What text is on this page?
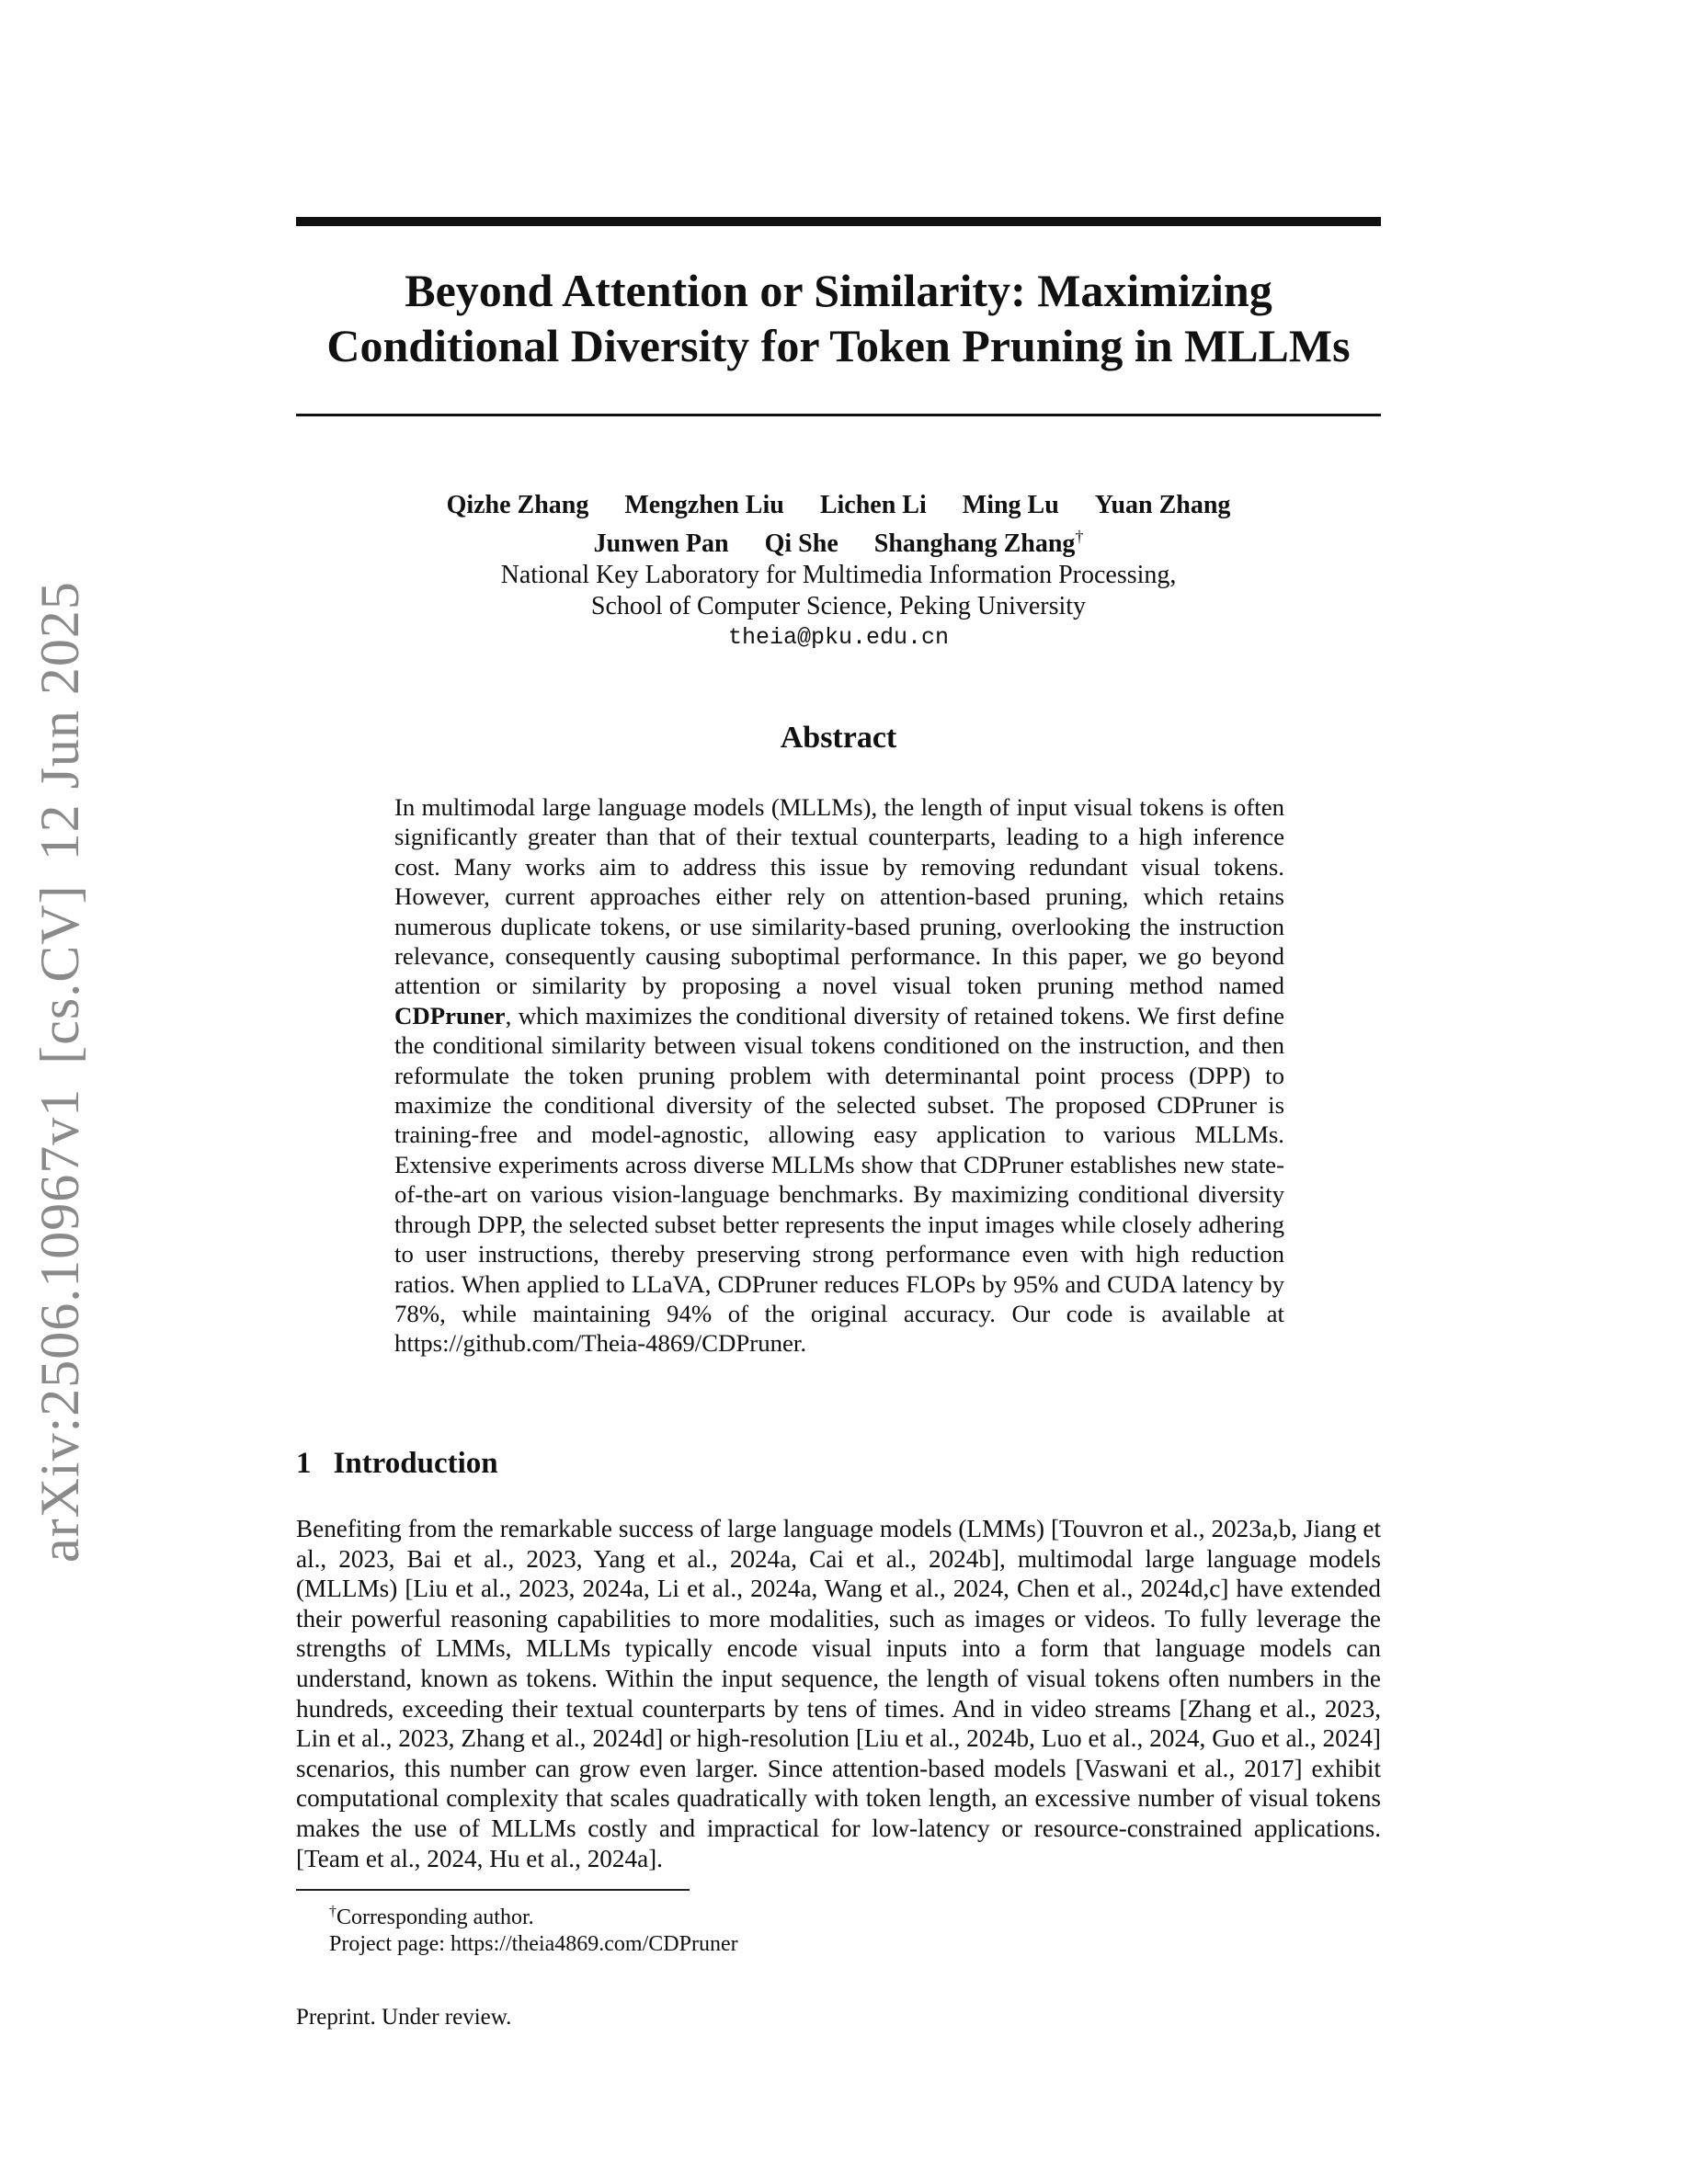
arXiv:2506.10967v1[cs.CV]12 Jun 2025
Beyond Attention or Similarity: Maximizing
Conditional Diversity for Token Pruning in MLLMs
Qizhe Zhang Mengzhen Liu Lichen Li Ming Lu Yuan Zhang
Junwen Pan Qi She Shanghang Zhang†
National Key Laboratory for Multimedia Information Processing,
School of Computer Science, Peking University
theia@pku.edu.cn
Abstract
In multimodal large language models (MLLMs), the length of input visual tokens is often significantly greater than that of their textual counterparts, leading to a high inference cost. Many works aim to address this issue by removing redundant visual tokens. However, current approaches either rely on attention-based pruning, which retains numerous duplicate tokens, or use similarity-based pruning, overlooking the instruction relevance, consequently causing suboptimal performance. In this paper, we go beyond attention or similarity by proposing a novel visual token pruning method named CDPruner, which maximizes the conditional diversity of retained tokens. We first define the conditional similarity between visual tokens conditioned on the instruction, and then reformulate the token pruning problem with determinantal point process (DPP) to maximize the conditional diversity of the selected subset. The proposed CDPruner is training-free and model-agnostic, allowing easy application to various MLLMs. Extensive experiments across diverse MLLMs show that CDPruner establishes new state-of-the-art on various vision-language benchmarks. By maximizing conditional diversity through DPP, the selected subset better represents the input images while closely adhering to user instructions, thereby preserving strong performance even with high reduction ratios. When applied to LLaVA, CDPruner reduces FLOPs by 95% and CUDA latency by 78%, while maintaining 94% of the original accuracy. Our code is available at https://github.com/Theia-4869/CDPruner.
1 Introduction
Benefiting from the remarkable success of large language models (LMMs) [Touvron et al., 2023a,b, Jiang et al., 2023, Bai et al., 2023, Yang et al., 2024a, Cai et al., 2024b], multimodal large language models (MLLMs) [Liu et al., 2023, 2024a, Li et al., 2024a, Wang et al., 2024, Chen et al., 2024d,c] have extended their powerful reasoning capabilities to more modalities, such as images or videos. To fully leverage the strengths of LMMs, MLLMs typically encode visual inputs into a form that language models can understand, known as tokens. Within the input sequence, the length of visual tokens often numbers in the hundreds, exceeding their textual counterparts by tens of times. And in video streams [Zhang et al., 2023, Lin et al., 2023, Zhang et al., 2024d] or high-resolution [Liu et al., 2024b, Luo et al., 2024, Guo et al., 2024] scenarios, this number can grow even larger. Since attention-based models [Vaswani et al., 2017] exhibit computational complexity that scales quadratically with token length, an excessive number of visual tokens makes the use of MLLMs costly and impractical for low-latency or resource-constrained applications. [Team et al., 2024, Hu et al., 2024a].
†Corresponding author.
Project page: https://theia4869.com/CDPruner
Preprint. Under review.
